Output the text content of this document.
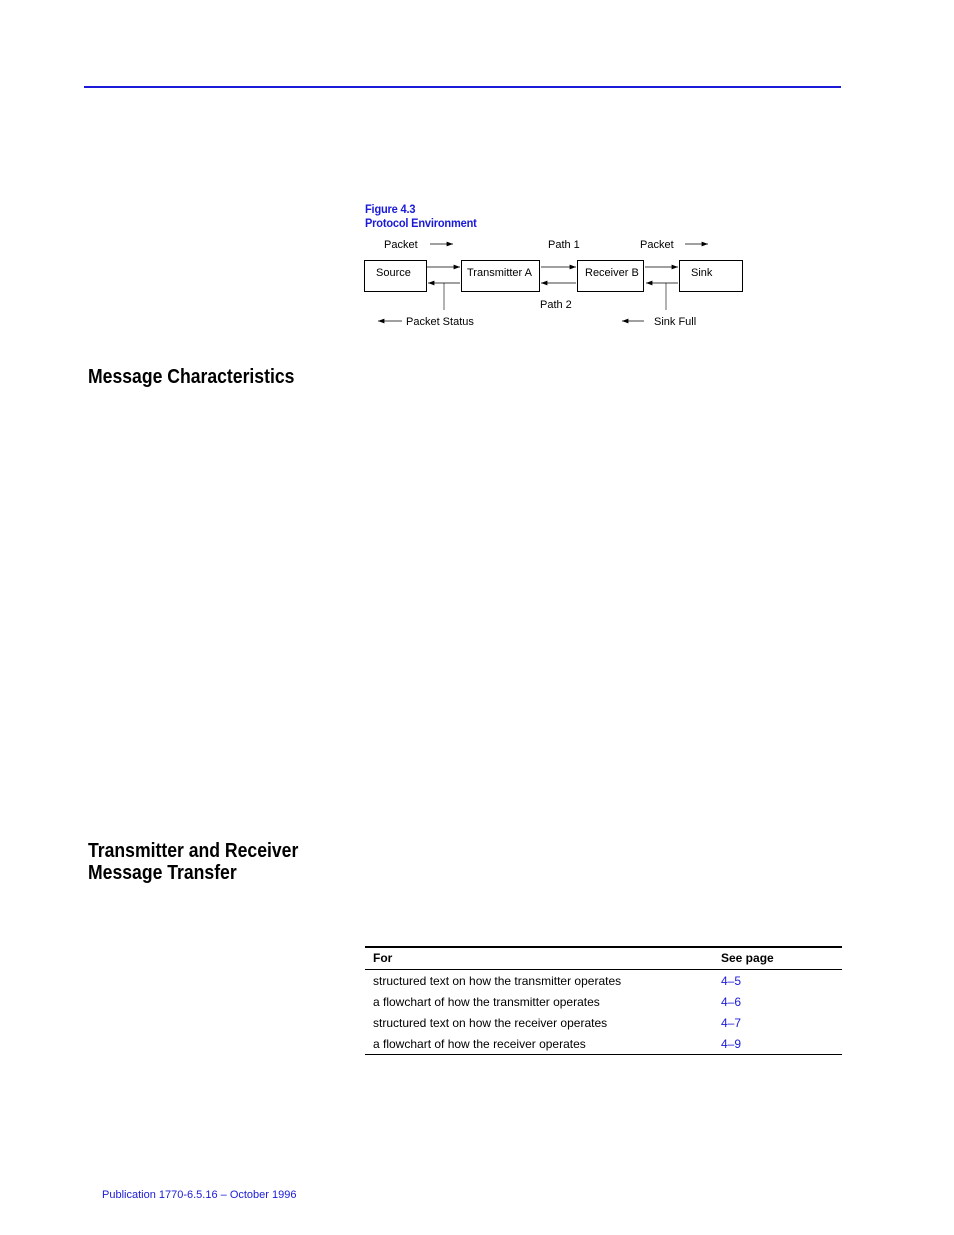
Figure 4.3
Protocol Environment
Packet	Path 1	Packet
Source	Transmitter A	Receiver B	Sink
Path 2
Packet Status	Sink Full
Message Characteristics
Transmitter and Receiver
Message Transfer
For	See page
structured text on how the transmitter operates	4–5
a flowchart of how the transmitter operates	4–6
structured text on how the receiver operates	4–7
a flowchart of how the receiver operates	4–9
Publication 1770-6.5.16 – October 1996
